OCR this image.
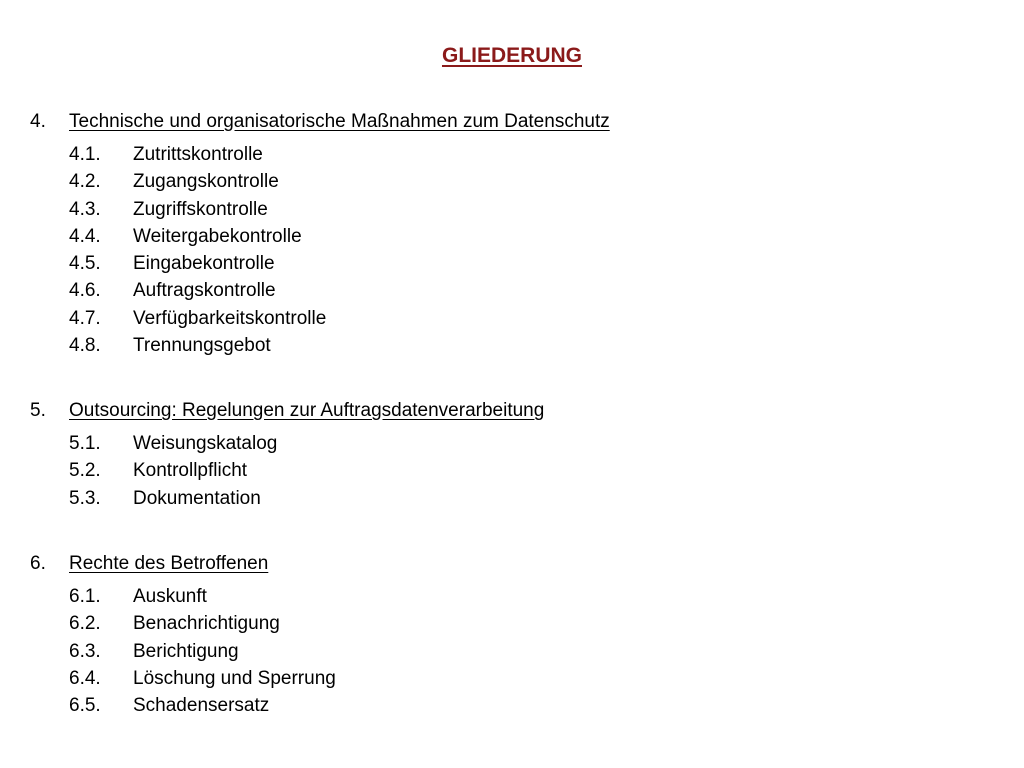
GLIEDERUNG
4.	Technische und organisatorische Maßnahmen zum Datenschutz
4.1.	Zutrittskontrolle
4.2.	Zugangskontrolle
4.3.	Zugriffskontrolle
4.4.	Weitergabekontrolle
4.5.	Eingabekontrolle
4.6.	Auftragskontrolle
4.7.	Verfügbarkeitskontrolle
4.8.	Trennungsgebot
5.	Outsourcing: Regelungen zur Auftragsdatenverarbeitung
5.1.	Weisungskatalog
5.2.	Kontrollpflicht
5.3.	Dokumentation
6.	Rechte des Betroffenen
6.1.	Auskunft
6.2.	Benachrichtigung
6.3.	Berichtigung
6.4.	Löschung und Sperrung
6.5.	Schadensersatz
